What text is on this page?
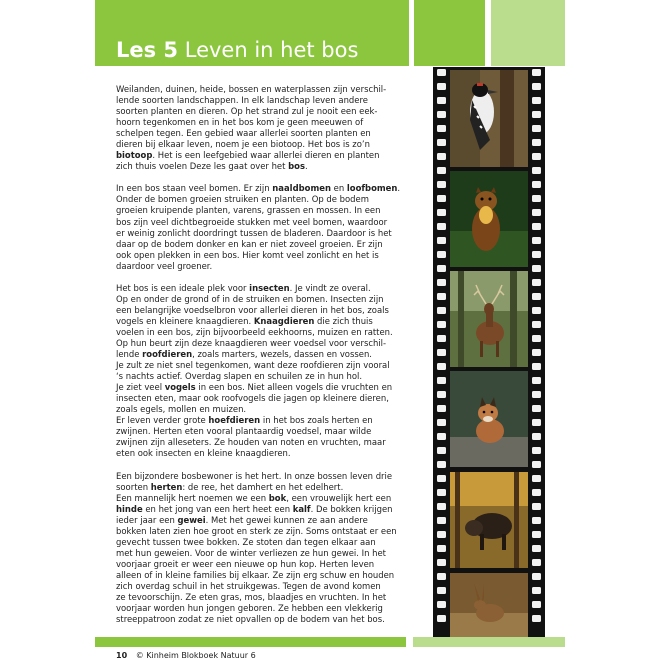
Les 5 Leven in het bos

Weilanden, duinen, heide, bossen en waterplassen zijn verschil-
lende soorten landschappen. In elk landschap leven andere
soorten planten en dieren. Op het strand zul je nooit een eek-
hoorn tegenkomen en in het bos kom je geen meeuwen of
schelpen tegen. Een gebied waar allerlei soorten planten en
dieren bij elkaar leven, noem je een biotoop. Het bos is zo’n
biotoop. Het is een leefgebied waar allerlei dieren en planten
zich thuis voelen Deze les gaat over het bos.

In een bos staan veel bomen. Er zijn naaldbomen en loofbomen.
Onder de bomen groeien struiken en planten. Op de bodem
groeien kruipende planten, varens, grassen en mossen. In een
bos zijn veel dichtbegroeide stukken met veel bomen, waardoor
er weinig zonlicht doordringt tussen de bladeren. Daardoor is het
daar op de bodem donker en kan er niet zoveel groeien. Er zijn
ook open plekken in een bos. Hier komt veel zonlicht en het is
daardoor veel groener.

Het bos is een ideale plek voor insecten. Je vindt ze overal.
Op en onder de grond of in de struiken en bomen. Insecten zijn
een belangrijke voedselbron voor allerlei dieren in het bos, zoals
vogels en kleinere knaagdieren. Knaagdieren die zich thuis
voelen in een bos, zijn bijvoorbeeld eekhoorns, muizen en ratten.
Op hun beurt zijn deze knaagdieren weer voedsel voor verschil-
lende roofdieren, zoals marters, wezels, dassen en vossen.
Je zult ze niet snel tegenkomen, want deze roofdieren zijn vooral
‘s nachts actief. Overdag slapen en schuilen ze in hun hol.
Je ziet veel vogels in een bos. Niet alleen vogels die vruchten en
insecten eten, maar ook roofvogels die jagen op kleinere dieren,
zoals egels, mollen en muizen.
Er leven verder grote hoefdieren in het bos zoals herten en
zwijnen. Herten eten vooral plantaardig voedsel, maar wilde
zwijnen zijn alleseters. Ze houden van noten en vruchten, maar
eten ook insecten en kleine knaagdieren.

Een bijzondere bosbewoner is het hert. In onze bossen leven drie
soorten herten: de ree, het damhert en het edelhert.
Een mannelijk hert noemen we een bok, een vrouwelijk hert een
hinde en het jong van een hert heet een kalf. De bokken krijgen
ieder jaar een gewei. Met het gewei kunnen ze aan andere
bokken laten zien hoe groot en sterk ze zijn. Soms ontstaat er een
gevecht tussen twee bokken. Ze stoten dan tegen elkaar aan
met hun geweien. Voor de winter verliezen ze hun gewei. In het
voorjaar groeit er weer een nieuwe op hun kop. Herten leven
alleen of in kleine families bij elkaar. Ze zijn erg schuw en houden
zich overdag schuil in het struikgewas. Tegen de avond komen
ze tevoorschijn. Ze eten gras, mos, blaadjes en vruchten. In het
voorjaar worden hun jongen geboren. Ze hebben een vlekkerig
streeppatroon zodat ze niet opvallen op de bodem van het bos.

10 © Kinheim Blokboek Natuur 6
